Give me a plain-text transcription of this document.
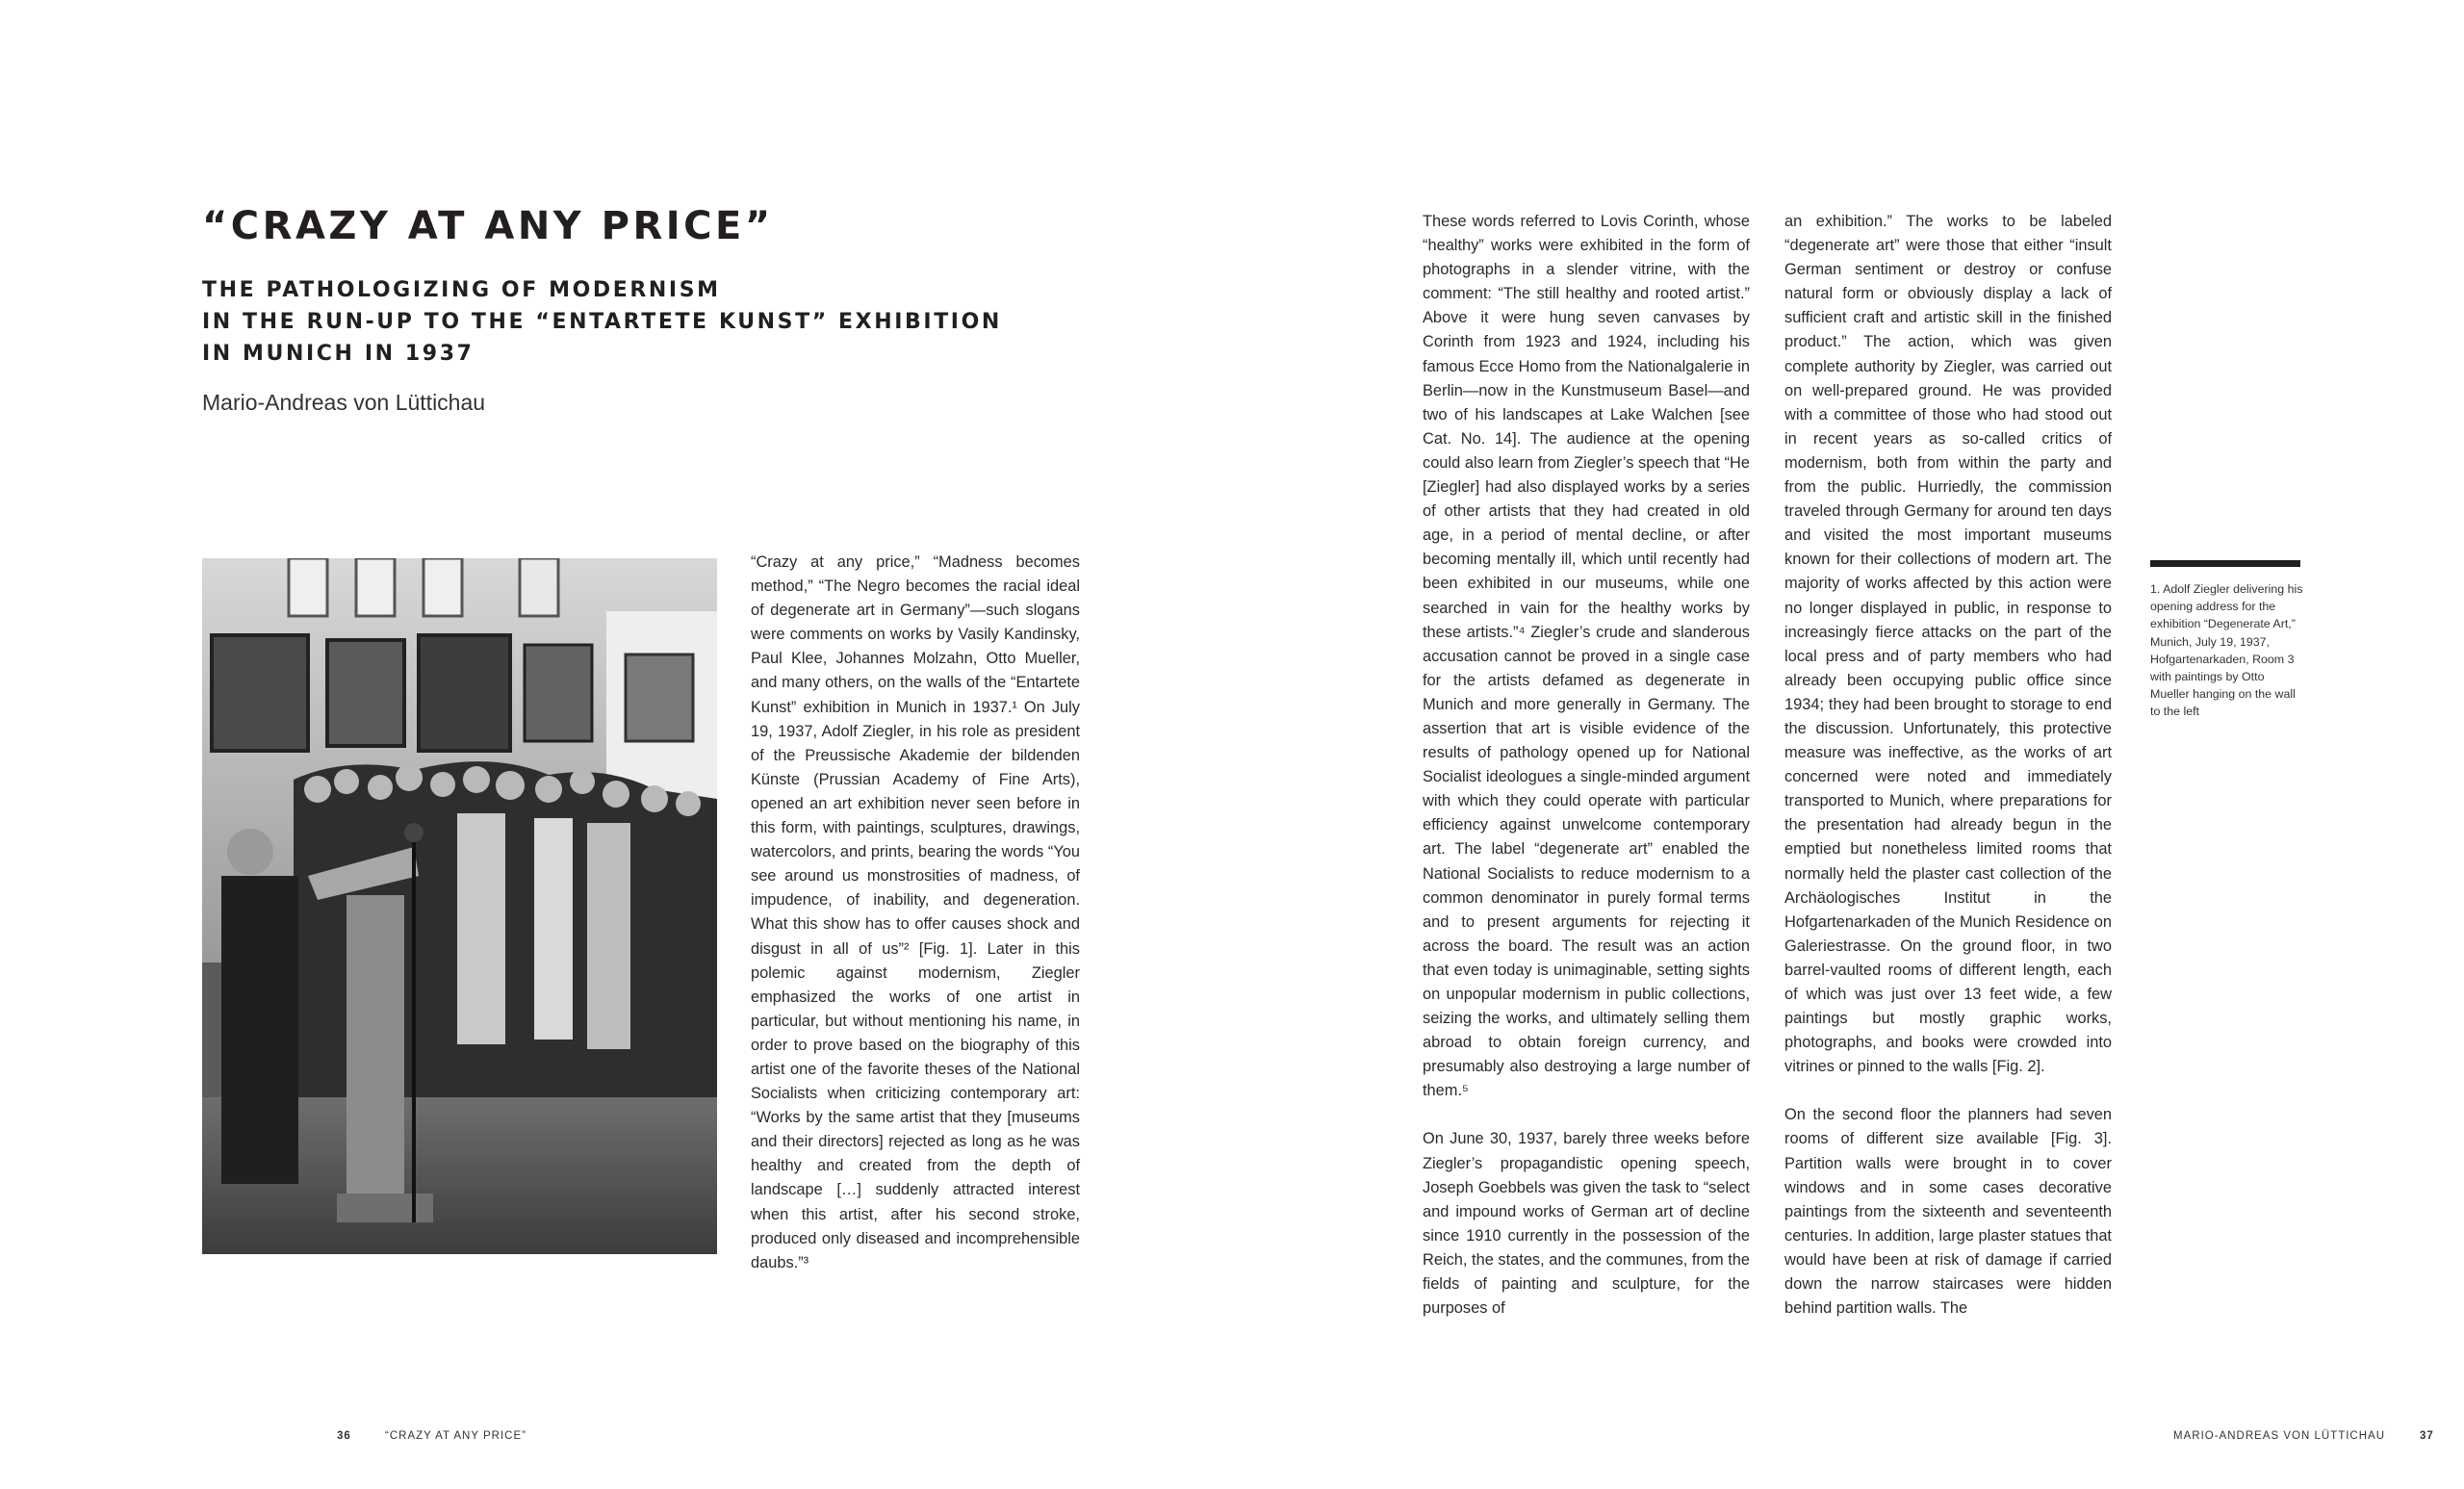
“CRAZY AT ANY PRICE”
THE PATHOLOGIZING OF MODERNISM
IN THE RUN-UP TO THE “ENTARTETE KUNST” EXHIBITION
IN MUNICH IN 1937
Mario-Andreas von Lüttichau
“Crazy at any price,” “Madness becomes method,” “The Negro becomes the racial ideal of degenerate art in Germany”—such slogans were comments on works by Vasily Kandinsky, Paul Klee, Johannes Molzahn, Otto Mueller, and many others, on the walls of the “Entartete Kunst” exhibition in Munich in 1937.¹ On July 19, 1937, Adolf Ziegler, in his role as president of the Preussische Akademie der bildenden Künste (Prussian Academy of Fine Arts), opened an art exhibition never seen before in this form, with paintings, sculptures, drawings, watercolors, and prints, bearing the words “You see around us monstrosities of madness, of impudence, of inability, and degeneration. What this show has to offer causes shock and disgust in all of us”² [Fig. 1]. Later in this polemic against modernism, Ziegler emphasized the works of one artist in particular, but without mentioning his name, in order to prove based on the biography of this artist one of the favorite theses of the National Socialists when criticizing contemporary art: “Works by the same artist that they [museums and their directors] rejected as long as he was healthy and created from the depth of landscape […] suddenly attracted interest when this artist, after his second stroke, produced only diseased and incomprehensible daubs.”³
36	“CRAZY AT ANY PRICE”

These words referred to Lovis Corinth, whose “healthy” works were exhibited in the form of photographs in a slender vitrine, with the comment: “The still healthy and rooted artist.” Above it were hung seven canvases by Corinth from 1923 and 1924, including his famous Ecce Homo from the Nationalgalerie in Berlin—now in the Kunstmuseum Basel—and two of his landscapes at Lake Walchen [see Cat. No. 14]. The audience at the opening could also learn from Ziegler’s speech that “He [Ziegler] had also displayed works by a series of other artists that they had created in old age, in a period of mental decline, or after becoming mentally ill, which until recently had been exhibited in our museums, while one searched in vain for the healthy works by these artists.”⁴ Ziegler’s crude and slanderous accusation cannot be proved in a single case for the artists defamed as degenerate in Munich and more generally in Germany. The assertion that art is visible evidence of the results of pathology opened up for National Socialist ideologues a single-minded argument with which they could operate with particular efficiency against unwelcome contemporary art. The label “degenerate art” enabled the National Socialists to reduce modernism to a common denominator in purely formal terms and to present arguments for rejecting it across the board. The result was an action that even today is unimaginable, setting sights on unpopular modernism in public collections, seizing the works, and ultimately selling them abroad to obtain foreign currency, and presumably also destroying a large number of them.⁵

On June 30, 1937, barely three weeks before Ziegler’s propagandistic opening speech, Joseph Goebbels was given the task to “select and impound works of German art of decline since 1910 currently in the possession of the Reich, the states, and the communes, from the fields of painting and sculpture, for the purposes of

an exhibition.” The works to be labeled “degenerate art” were those that either “insult German sentiment or destroy or confuse natural form or obviously display a lack of sufficient craft and artistic skill in the finished product.” The action, which was given complete authority by Ziegler, was carried out on well-prepared ground. He was provided with a committee of those who had stood out in recent years as so-called critics of modernism, both from within the party and from the public. Hurriedly, the commission traveled through Germany for around ten days and visited the most important museums known for their collections of modern art. The majority of works affected by this action were no longer displayed in public, in response to increasingly fierce attacks on the part of the local press and of party members who had already been occupying public office since 1934; they had been brought to storage to end the discussion. Unfortunately, this protective measure was ineffective, as the works of art concerned were noted and immediately transported to Munich, where preparations for the presentation had already begun in the emptied but nonetheless limited rooms that normally held the plaster cast collection of the Archäologisches Institut in the Hofgartenarkaden of the Munich Residence on Galeriestrasse. On the ground floor, in two barrel-vaulted rooms of different length, each of which was just over 13 feet wide, a few paintings but mostly graphic works, photographs, and books were crowded into vitrines or pinned to the walls [Fig. 2].

On the second floor the planners had seven rooms of different size available [Fig. 3]. Partition walls were brought in to cover windows and in some cases decorative paintings from the sixteenth and seventeenth centuries. In addition, large plaster statues that would have been at risk of damage if carried down the narrow staircases were hidden behind partition walls. The

1. Adolf Ziegler delivering his opening address for the exhibition “Degenerate Art,” Munich, July 19, 1937, Hofgartenarkaden, Room 3 with paintings by Otto Mueller hanging on the wall to the left
MARIO-ANDREAS VON LÜTTICHAU	37
